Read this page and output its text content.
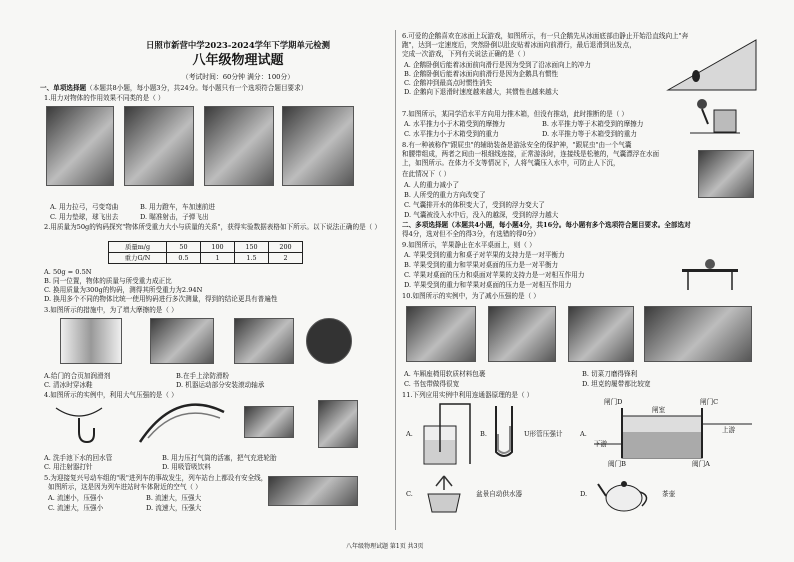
日照市新营中学2023-2024学年下学期单元检测
八年级物理试题
（考试时间：60分钟 满分：100分）
一、单项选择题（本题共8小题，每小题3分，共24分。每小题只有一个选项符合题目要求）
1.用力对物体的作用效果不同类的是（ ）
A. 用力拉弓，弓变弯曲	B. 用力蹬车，车加速前进
C. 用力垫球，球飞出去	D. 瞄准射击，子弹飞出
2.用质量为50g的钩码探究"物体所受重力大小与质量的关系"，获得实验数据表格如下所示。以下说法正确的是（ ）
质量m/g	50	100	150	200
重力G/N	0.5	1	1.5	2
A. 50g = 0.5N
B. 同一位置，物体的质量与所受重力成正比
C. 换用质量为300g的钩码，测得其所受重力为2.94N
D. 换用多个不同的物体比统一使用钩码进行多次测量，得到的结论更具有普遍性
3.如图所示的措施中，为了增大摩擦的是（ ）
A.给门的合页加润滑剂	B.在手上涂防滑粉
C. 清冰时穿冰鞋	D. 机器运动部分安装滚动轴承
4.如图所示的实例中，利用大气压强的是（ ）
A. 洗手池下水的回水管	B. 用力压打气筒的活塞，把气充进轮胎
C. 用注射器打针	D. 用吸管吸饮料
5.为迎接复兴号动车组的"吸"进列车的事故发生，列车站台上都设有安全线，
如图所示，这是因为列车进站时车体附近的空气（ ）
A. 流速小，压强小	B. 流速大，压强大
C. 流速大，压强小	D. 流速大，压强大
6.可爱的企鹅喜欢在冰面上玩游戏，如图所示，有一只企鹅先从冰面底部由静止开始沿直线向上"奔
跑"，达到一定速度后，突然卧倒以肚皮贴着冰面向前滑行，最后退滑到出发点，
完成一次游戏，下列有关说法正确的是（ ）
A. 企鹅卧倒后能着冰面前向滑行是因为受到了沿冰面向上的冲力
B. 企鹅卧倒后能着冰面向前滑行是因为企鹅具有惯性
C. 企鹅冲到最高点时惯性消失
D. 企鹅向下退滑时速度越来越大，其惯性也越来越大
7.如图所示，某同学沿水平方向用力推木箱，但没有推动，此时推断的是（ ）
A. 水平推力小于木箱受到的摩擦力	B. 水平推力等于木箱受到的摩擦力
C. 水平推力小于木箱受到的重力	D. 水平推力等于木箱受到的重力
8.有一种被称作"跟屁虫"的辅助装备是游泳安全的保护神，"跟屁虫"由一个气囊
和腰带组成，两者之间由一根细线连接，正常游泳时，连接线是松驰的，气囊漂浮在水面
上，如图所示。在体力不支等情况下，人将气囊压入水中，可防止人下沉，
在此情况下（ ）
A. 人的重力减小了
B. 人所受的重力方向改变了
C. 气囊排开水的体积变大了，受到的浮力变大了
D. 气囊被没入水中后，没入的越深，受到的浮力越大
二、多项选择题（本题共4小题，每小题4分，共16分。每小题有多个选项符合题目要求。全部选对
得4分，选对但不全的得3分，有选错的得0分）
9.如图所示，苹果静止在水平桌面上，则（ ）
A. 苹果受到的重力和桌子对苹果的支持力是一对平衡力
B. 苹果受到的重力和苹果对桌面的压力是一对平衡力
C. 苹果对桌面的压力和桌面对苹果的支持力是一对相互作用力
D. 苹果受到的重力和苹果对桌面的压力是一对相互作用力
10.如图所示的实例中，为了减小压强的是（ ）
A. 车厢座椅用软质材料包裹	B. 切菜刀磨得锋利
C. 书包带做得很宽	D. 坦克的履带都比较宽
11.下列应用实例中利用连通器原理的是（ ）
A.	B.	U形管压强计
C.	盆景自动供水器
A.
闸门D
闸室
闸门C
上游
下游
阀门B	阀门A
D.	茶壶
八年级物理试题 第1页 共3页
